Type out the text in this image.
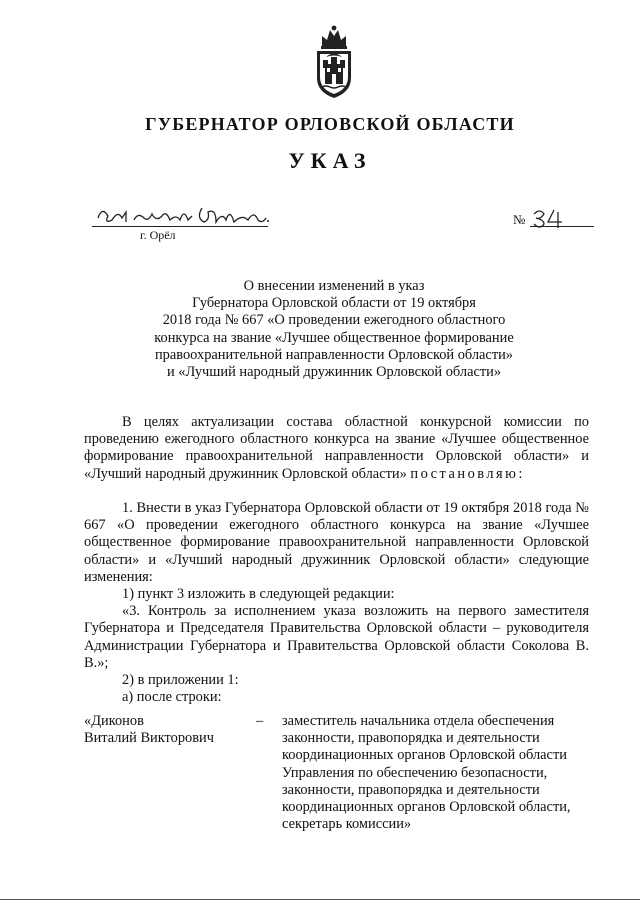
ГУБЕРНАТОР ОРЛОВСКОЙ ОБЛАСТИ
УКАЗ
г. Орёл
№
О внесении изменений в указ
Губернатора Орловской области от 19 октября
2018 года № 667 «О проведении ежегодного областного
конкурса на звание «Лучшее общественное формирование
правоохранительной направленности Орловской области»
и «Лучший народный дружинник Орловской области»

В целях актуализации состава областной конкурсной комиссии по проведению ежегодного областного конкурса на звание «Лучшее общественное формирование правоохранительной направленности Орловской области» и «Лучший народный дружинник Орловской области» постановляю:

1. Внести в указ Губернатора Орловской области от 19 октября 2018 года № 667 «О проведении ежегодного областного конкурса на звание «Лучшее общественное формирование правоохранительной направленности Орловской области» и «Лучший народный дружинник Орловской области» следующие изменения:

1) пункт 3 изложить в следующей редакции:

«3. Контроль за исполнением указа возложить на первого заместителя Губернатора и Председателя Правительства Орловской области – руководителя Администрации Губернатора и Правительства Орловской области Соколова В. В.»;

2) в приложении 1:

а) после строки:

«Диконов
Виталий Викторович
–	заместитель начальника отдела обеспечения законности, правопорядка и деятельности координационных органов Орловской области Управления по обеспечению безопасности, законности, правопорядка и деятельности координационных органов Орловской области, секретарь комиссии»
